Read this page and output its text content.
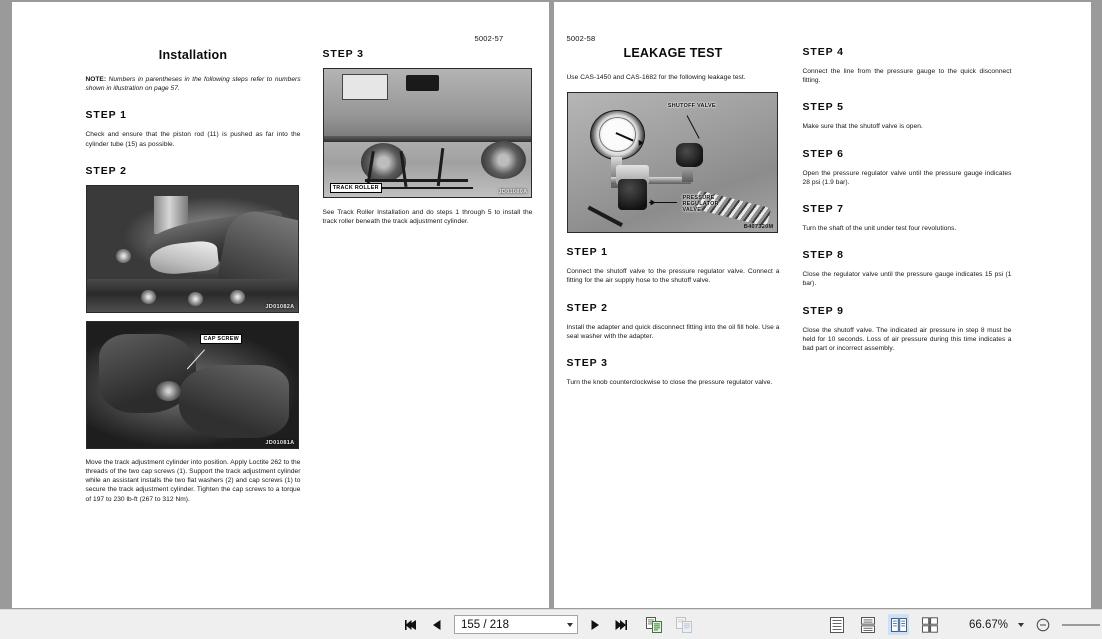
5002-57
Installation

NOTE: Numbers in parentheses in the following steps refer to numbers shown in illustration on page 57.

STEP 1

Check and ensure that the piston rod (11) is pushed as far into the cylinder tube (15) as possible.

STEP 2
JD01082A
CAP SCREW
JD01081A

Move the track adjustment cylinder into position. Apply Loctite 262 to the threads of the two cap screws (1). Support the track adjustment cylinder while an assistant installs the two flat washers (2) and cap screws (1) to secure the track adjustment cylinder. Tighten the cap screws to a torque of 197 to 230 lb-ft (267 to 312 Nm).

STEP 3
TRACK ROLLER
JD01080A

See Track Roller Installation and do steps 1 through 5 to install the track roller beneath the track adjustment cylinder.

5002-58
LEAKAGE TEST

Use CAS-1450 and CAS-1682 for the following leakage test.

SHUTOFF VALVE
PRESSURE
REGULATOR
VALVE
B407320M
STEP 1

Connect the shutoff valve to the pressure regulator valve. Connect a fitting for the air supply hose to the shutoff valve.

STEP 2

Install the adapter and quick disconnect fitting into the oil fill hole. Use a seal washer with the adapter.

STEP 3

Turn the knob counterclockwise to close the pressure regulator valve.

STEP 4

Connect the line from the pressure gauge to the quick disconnect fitting.

STEP 5

Make sure that the shutoff valve is open.

STEP 6

Open the pressure regulator valve until the pressure gauge indicates 28 psi (1.9 bar).

STEP 7

Turn the shaft of the unit under test four revolutions.

STEP 8

Close the regulator valve until the pressure gauge indicates 15 psi (1 bar).

STEP 9

Close the shutoff valve. The indicated air pressure in step 8 must be held for 10 seconds. Loss of air pressure during this time indicates a bad part or incorrect assembly.

155 / 218	66.67%
